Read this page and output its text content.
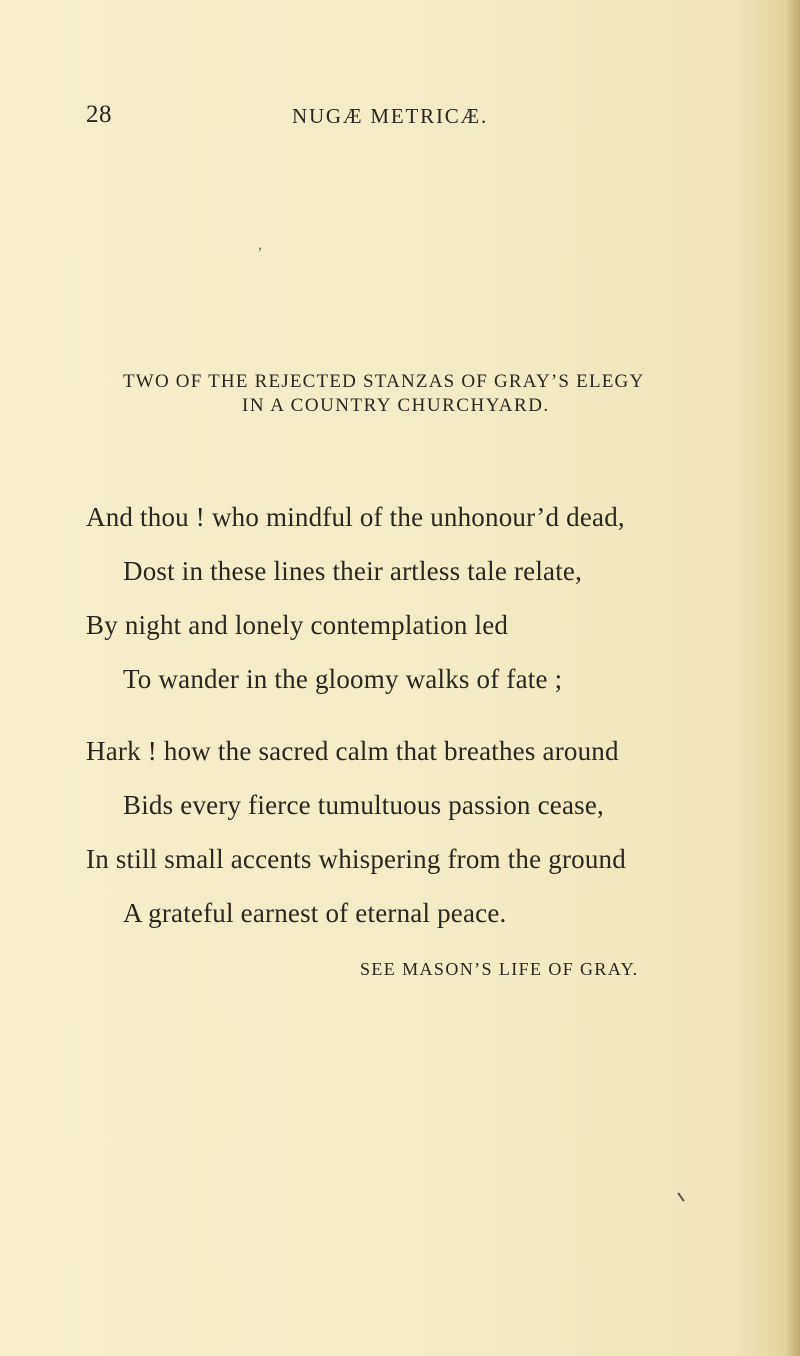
28	NUGÆ METRICÆ.
,
TWO OF THE REJECTED STANZAS OF GRAY’S ELEGY
IN A COUNTRY CHURCHYARD.
And thou ! who mindful of the unhonour’d dead,
Dost in these lines their artless tale relate,
By night and lonely contemplation led
To wander in the gloomy walks of fate ;
Hark ! how the sacred calm that breathes around
Bids every fierce tumultuous passion cease,
In still small accents whispering from the ground
A grateful earnest of eternal peace.
SEE MASON’S LIFE OF GRAY.
